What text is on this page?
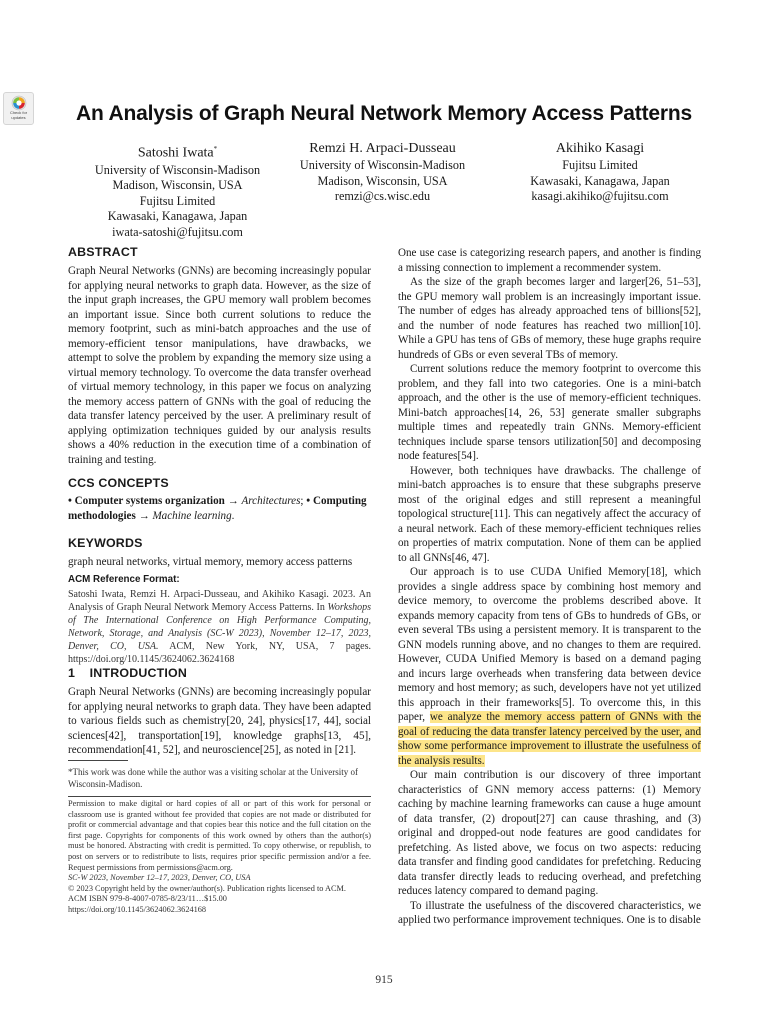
Check for updates	An Analysis of Graph Neural Network Memory Access Patterns
Satoshi Iwata*
University of Wisconsin-Madison
Madison, Wisconsin, USA
Fujitsu Limited
Kawasaki, Kanagawa, Japan
iwata-satoshi@fujitsu.com
Remzi H. Arpaci-Dusseau
University of Wisconsin-Madison
Madison, Wisconsin, USA
remzi@cs.wisc.edu
Akihiko Kasagi
Fujitsu Limited
Kawasaki, Kanagawa, Japan
kasagi.akihiko@fujitsu.com
ABSTRACT
Graph Neural Networks (GNNs) are becoming increasingly popular for applying neural networks to graph data. However, as the size of the input graph increases, the GPU memory wall problem becomes an important issue. Since both current solutions to reduce the memory footprint, such as mini-batch approaches and the use of memory-efficient tensor manipulations, have drawbacks, we attempt to solve the problem by expanding the memory size using a virtual memory technology. To overcome the data transfer overhead of virtual memory technology, in this paper we focus on analyzing the memory access pattern of GNNs with the goal of reducing the data transfer latency perceived by the user. A preliminary result of applying optimization techniques guided by our analysis results shows a 40% reduction in the execution time of a combination of training and testing.
CCS CONCEPTS
• Computer systems organization → Architectures; • Computing methodologies → Machine learning.
KEYWORDS
graph neural networks, virtual memory, memory access patterns
ACM Reference Format:
Satoshi Iwata, Remzi H. Arpaci-Dusseau, and Akihiko Kasagi. 2023. An Analysis of Graph Neural Network Memory Access Patterns. In Workshops of The International Conference on High Performance Computing, Network, Storage, and Analysis (SC-W 2023), November 12–17, 2023, Denver, CO, USA. ACM, New York, NY, USA, 7 pages. https://doi.org/10.1145/3624062.3624168
1    INTRODUCTION
Graph Neural Networks (GNNs) are becoming increasingly popular for applying neural networks to graph data. They have been adapted to various fields such as chemistry[20, 24], physics[17, 44], social sciences[42], transportation[19], knowledge graphs[13, 45], recommendation[41, 52], and neuroscience[25], as noted in [21].
*This work was done while the author was a visiting scholar at the University of Wisconsin-Madison.
Permission to make digital or hard copies of all or part of this work for personal or classroom use is granted without fee provided that copies are not made or distributed for profit or commercial advantage and that copies bear this notice and the full citation on the first page. Copyrights for components of this work owned by others than the author(s) must be honored. Abstracting with credit is permitted. To copy otherwise, or republish, to post on servers or to redistribute to lists, requires prior specific permission and/or a fee. Request permissions from permissions@acm.org.
SC-W 2023, November 12–17, 2023, Denver, CO, USA
© 2023 Copyright held by the owner/author(s). Publication rights licensed to ACM.
ACM ISBN 979-8-4007-0785-8/23/11…$15.00
https://doi.org/10.1145/3624062.3624168

One use case is categorizing research papers, and another is finding a missing connection to implement a recommender system.

As the size of the graph becomes larger and larger[26, 51–53], the GPU memory wall problem is an increasingly important issue. The number of edges has already approached tens of billions[52], and the number of node features has reached two million[10]. While a GPU has tens of GBs of memory, these huge graphs require hundreds of GBs or even several TBs of memory.

Current solutions reduce the memory footprint to overcome this problem, and they fall into two categories. One is a mini-batch approach, and the other is the use of memory-efficient techniques. Mini-batch approaches[14, 26, 53] generate smaller subgraphs multiple times and repeatedly train GNNs. Memory-efficient techniques include sparse tensors utilization[50] and decomposing node features[54].

However, both techniques have drawbacks. The challenge of mini-batch approaches is to ensure that these subgraphs preserve most of the original edges and still represent a meaningful topological structure[11]. This can negatively affect the accuracy of a neural network. Each of these memory-efficient techniques relies on properties of matrix computation. None of them can be applied to all GNNs[46, 47].

Our approach is to use CUDA Unified Memory[18], which provides a single address space by combining host memory and device memory, to overcome the problems described above. It expands memory capacity from tens of GBs to hundreds of GBs, or even several TBs using a persistent memory. It is transparent to the GNN models running above, and no changes to them are required. However, CUDA Unified Memory is based on a demand paging and incurs large overheads when transfering data between device memory and host memory; as such, developers have not yet utilized this approach in their frameworks[5]. To overcome this, in this paper, we analyze the memory access pattern of GNNs with the goal of reducing the data transfer latency perceived by the user, and show some performance improvement to illustrate the usefulness of the analysis results.

Our main contribution is our discovery of three important characteristics of GNN memory access patterns: (1) Memory caching by machine learning frameworks can cause a huge amount of data transfer, (2) dropout[27] can cause thrashing, and (3) original and dropped-out node features are good candidates for prefetching. As listed above, we focus on two aspects: reducing data transfer and finding good candidates for prefetching. Reducing data transfer directly leads to reducing overhead, and prefetching reduces latency compared to demand paging.

To illustrate the usefulness of the discovered characteristics, we applied two performance improvement techniques. One is to disable

915
